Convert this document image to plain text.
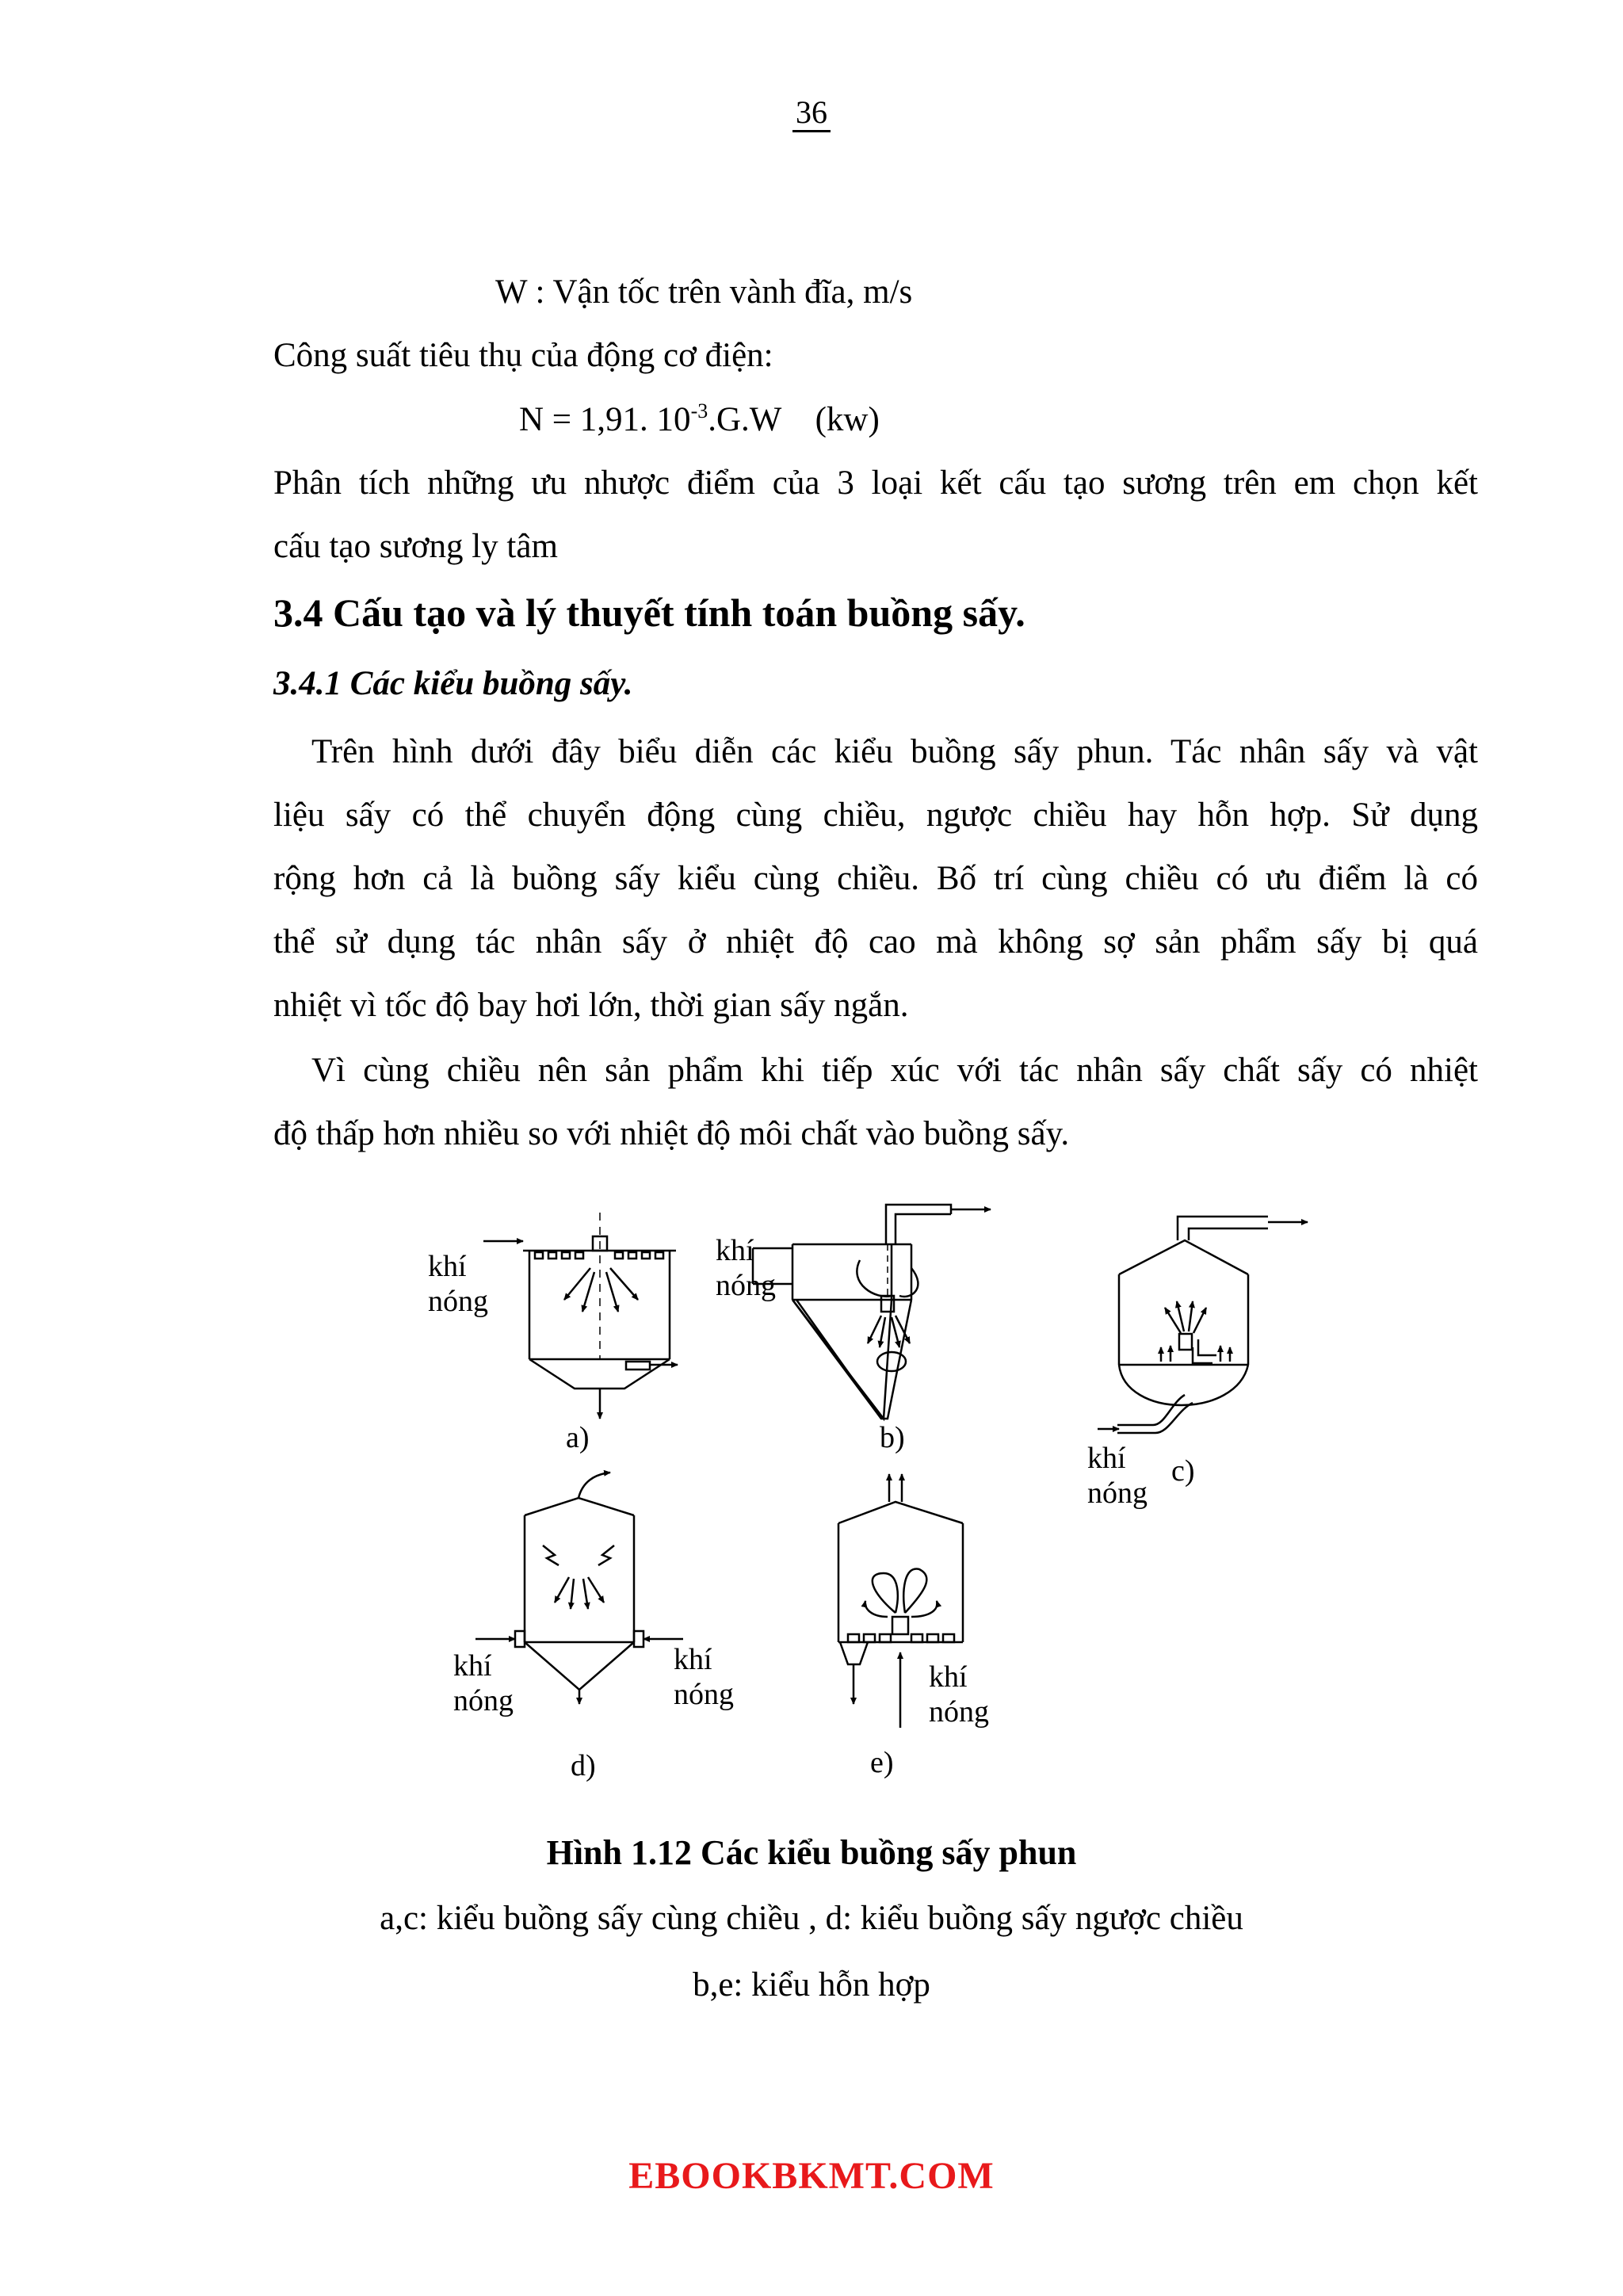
36
W : Vận tốc trên vành đĩa, m/s
Công suất tiêu thụ của động cơ điện:
N = 1,91. $10^{-3}.G.W$    (kw)
Phân tích những ưu nhược điểm của 3 loại kết cấu tạo sương trên em chọn kết
cấu tạo sương ly tâm
3.4 Cấu tạo và lý thuyết tính toán buồng sấy.
3.4.1 Các kiểu buồng sấy.
Trên hình dưới đây biểu diễn các kiểu buồng sấy phun. Tác nhân sấy và vật
liệu sấy có thể chuyển động cùng chiều, ngược chiều hay hỗn hợp. Sử dụng
rộng hơn cả là buồng sấy kiểu cùng chiều. Bố trí cùng chiều có ưu điểm là có
thể sử dụng tác nhân sấy ở nhiệt độ cao mà không sợ sản phẩm sấy bị quá
nhiệt vì tốc độ bay hơi lớn, thời gian sấy ngắn.
Vì cùng chiều nên sản phẩm khi tiếp xúc với tác nhân sấy chất sấy có nhiệt
độ thấp hơn nhiều so với nhiệt độ môi chất vào buồng sấy.
khí
nóng
a)
khí
nóng
b)
khí
nóng
c)
khí
nóng
khí
nóng
d)
khí
nóng
e)
Hình 1.12 Các kiểu buồng sấy phun
a,c: kiểu buồng sấy cùng chiều , d: kiểu buồng sấy ngược chiều
b,e: kiểu hỗn hợp
EBOOKBKMT.COM
